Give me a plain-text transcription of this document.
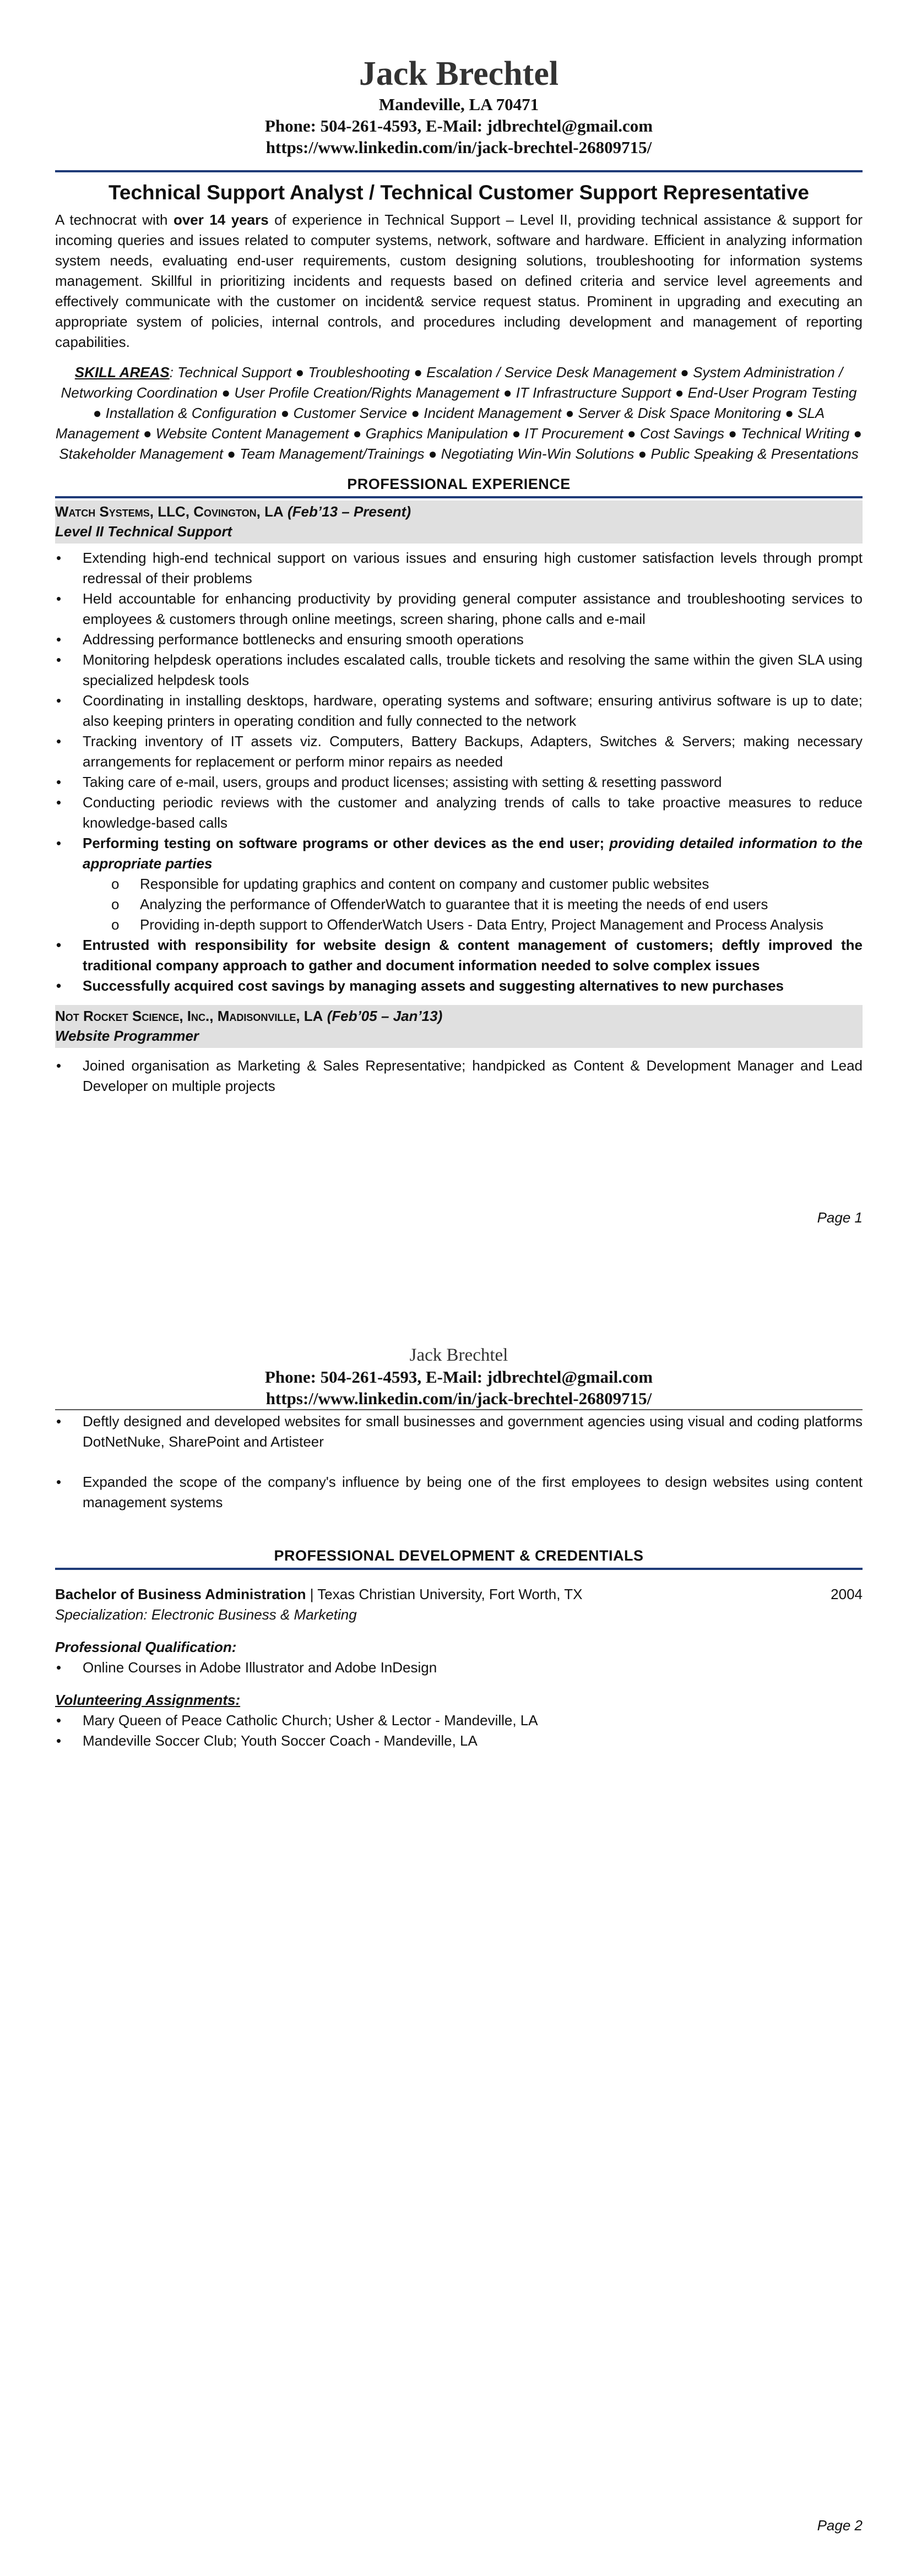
Jack Brechtel
Mandeville, LA 70471
Phone: 504-261-4593, E-Mail: jdbrechtel@gmail.com
https://www.linkedin.com/in/jack-brechtel-26809715/
Technical Support Analyst / Technical Customer Support Representative
A technocrat with over 14 years of experience in Technical Support – Level II, providing technical assistance & support for incoming queries and issues related to computer systems, network, software and hardware. Efficient in analyzing information system needs, evaluating end-user requirements, custom designing solutions, troubleshooting for information systems management. Skillful in prioritizing incidents and requests based on defined criteria and service level agreements and effectively communicate with the customer on incident& service request status. Prominent in upgrading and executing an appropriate system of policies, internal controls, and procedures including development and management of reporting capabilities.
SKILL AREAS: Technical Support ● Troubleshooting ● Escalation / Service Desk Management ● System Administration / Networking Coordination ● User Profile Creation/Rights Management ● IT Infrastructure Support ● End-User Program Testing ● Installation & Configuration ● Customer Service ● Incident Management ● Server & Disk Space Monitoring ● SLA Management ● Website Content Management ● Graphics Manipulation ● IT Procurement ● Cost Savings ● Technical Writing ● Stakeholder Management ● Team Management/Trainings ● Negotiating Win-Win Solutions ● Public Speaking & Presentations
PROFESSIONAL EXPERIENCE
Watch Systems, LLC, Covington, LA (Feb’13 – Present)
Level II Technical Support
• Extending high-end technical support on various issues and ensuring high customer satisfaction levels through prompt redressal of their problems
• Held accountable for enhancing productivity by providing general computer assistance and troubleshooting services to employees & customers through online meetings, screen sharing, phone calls and e-mail
• Addressing performance bottlenecks and ensuring smooth operations
• Monitoring helpdesk operations includes escalated calls, trouble tickets and resolving the same within the given SLA using specialized helpdesk tools
• Coordinating in installing desktops, hardware, operating systems and software; ensuring antivirus software is up to date; also keeping printers in operating condition and fully connected to the network
• Tracking inventory of IT assets viz. Computers, Battery Backups, Adapters, Switches & Servers; making necessary arrangements for replacement or perform minor repairs as needed
• Taking care of e-mail, users, groups and product licenses; assisting with setting & resetting password
• Conducting periodic reviews with the customer and analyzing trends of calls to take proactive measures to reduce knowledge-based calls
• Performing testing on software programs or other devices as the end user; providing detailed information to the appropriate parties
o Responsible for updating graphics and content on company and customer public websites
o Analyzing the performance of OffenderWatch to guarantee that it is meeting the needs of end users
o Providing in-depth support to OffenderWatch Users - Data Entry, Project Management and Process Analysis
• Entrusted with responsibility for website design & content management of customers; deftly improved the traditional company approach to gather and document information needed to solve complex issues
• Successfully acquired cost savings by managing assets and suggesting alternatives to new purchases
Not Rocket Science, Inc., Madisonville, LA (Feb’05 – Jan’13)
Website Programmer
• Joined organisation as Marketing & Sales Representative; handpicked as Content & Development Manager and Lead Developer on multiple projects
Page 1
Jack Brechtel
Phone: 504-261-4593, E-Mail: jdbrechtel@gmail.com
https://www.linkedin.com/in/jack-brechtel-26809715/
• Deftly designed and developed websites for small businesses and government agencies using visual and coding platforms DotNetNuke, SharePoint and Artisteer
• Expanded the scope of the company's influence by being one of the first employees to design websites using content management systems
PROFESSIONAL DEVELOPMENT & CREDENTIALS
Bachelor of Business Administration | Texas Christian University, Fort Worth, TX	2004
Specialization: Electronic Business & Marketing
Professional Qualification:
• Online Courses in Adobe Illustrator and Adobe InDesign
Volunteering Assignments:
• Mary Queen of Peace Catholic Church; Usher & Lector - Mandeville, LA
• Mandeville Soccer Club; Youth Soccer Coach - Mandeville, LA
Page 2
